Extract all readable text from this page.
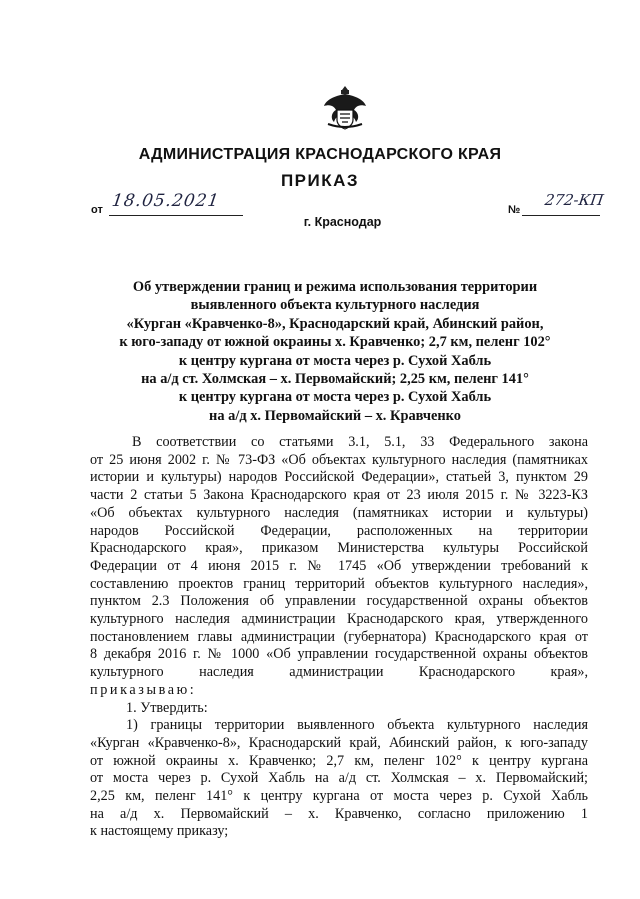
АДМИНИСТРАЦИЯ КРАСНОДАРСКОГО КРАЯ
ПРИКАЗ
от 18.05.2021	№
272-КП
г. Краснодар
Об утверждении границ и режима использования территории
выявленного объекта культурного наследия
«Курган «Кравченко-8», Краснодарский край, Абинский район,
к юго-западу от южной окраины х. Кравченко; 2,7 км, пеленг 102°
к центру кургана от моста через р. Сухой Хабль
на а/д ст. Холмская – х. Первомайский; 2,25 км, пеленг 141°
к центру кургана от моста через р. Сухой Хабль
на а/д х. Первомайский – х. Кравченко
В соответствии со статьями 3.1, 5.1, 33 Федерального закона
от 25 июня 2002 г. № 73-ФЗ «Об объектах культурного наследия (памятниках
истории и культуры) народов Российской Федерации», статьей 3, пунктом 29
части 2 статьи 5 Закона Краснодарского края от 23 июля 2015 г. № 3223-КЗ
«Об объектах культурного наследия (памятниках истории и культуры)
народов Российской Федерации, расположенных на территории
Краснодарского края», приказом Министерства культуры Российской
Федерации от 4 июня 2015 г. № 1745 «Об утверждении требований к
составлению проектов границ территорий объектов культурного наследия»,
пунктом 2.3 Положения об управлении государственной охраны объектов
культурного наследия администрации Краснодарского края, утвержденного
постановлением главы администрации (губернатора) Краснодарского края от
8 декабря 2016 г. № 1000 «Об управлении государственной охраны объектов
культурного наследия администрации Краснодарского края»,
приказываю:
1. Утвердить:
1) границы территории выявленного объекта культурного наследия
«Курган «Кравченко-8», Краснодарский край, Абинский район, к юго-западу
от южной окраины х. Кравченко; 2,7 км, пеленг 102° к центру кургана
от моста через р. Сухой Хабль на а/д ст. Холмская – х. Первомайский;
2,25 км, пеленг 141° к центру кургана от моста через р. Сухой Хабль
на а/д х. Первомайский – х. Кравченко, согласно приложению 1
к настоящему приказу;
